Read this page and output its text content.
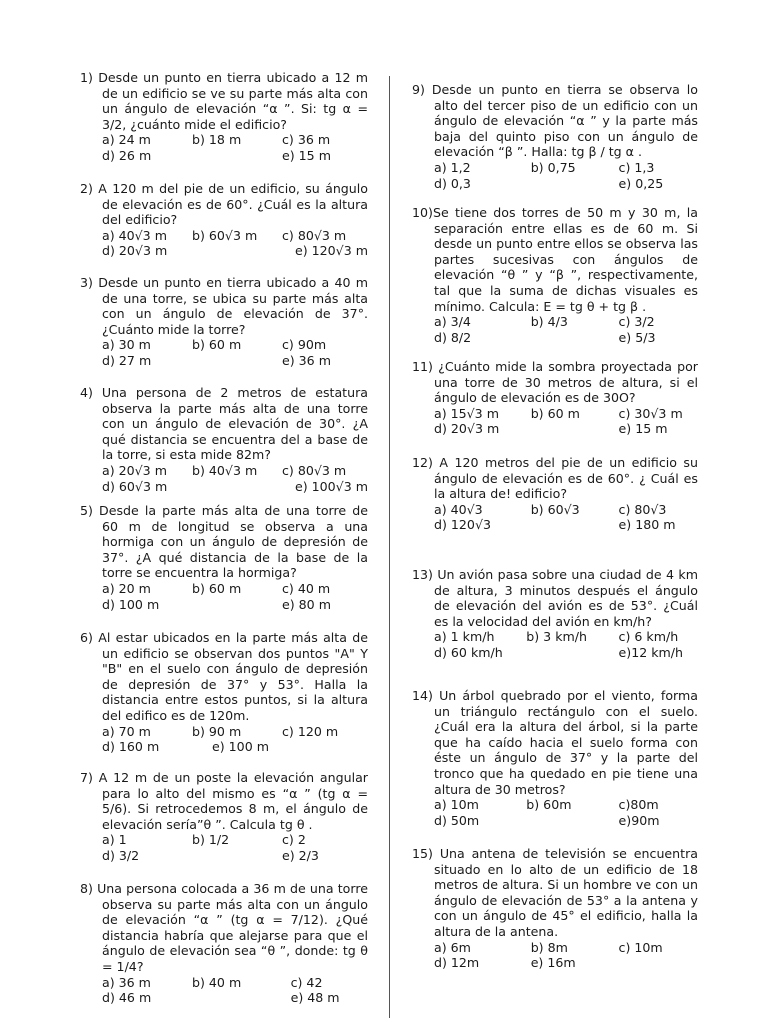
1) Desde un punto en tierra ubicado a 12 m de un edificio se ve su parte más alta con un ángulo de elevación “α ”. Si: tg α = 3/2, ¿cuánto mide el edificio?
a) 24 m	b) 18 m	c) 36 m
d) 26 m	e) 15 m
2) A 120 m del pie de un edificio, su ángulo de elevación es de 60°. ¿Cuál es la altura del edificio?
a) 40√3 m	b) 60√3 m	c) 80√3 m
d) 20√3 m	e) 120√3 m
3) Desde un punto en tierra ubicado a 40 m de una torre, se ubica su parte más alta con un ángulo de elevación de 37°. ¿Cuánto mide la torre?
a) 30 m	b) 60 m	c) 90m
d) 27 m	e) 36 m
4) Una persona de 2 metros de estatura observa la parte más alta de una torre con un ángulo de elevación de 30°. ¿A qué distancia se encuentra del a base de la torre, si esta mide 82m?
a) 20√3 m	b) 40√3 m	c) 80√3 m
d) 60√3 m	e) 100√3 m
5) Desde la parte más alta de una torre de 60 m de longitud se observa a una hormiga con un ángulo de depresión de 37°. ¿A qué distancia de la base de la torre se encuentra la hormiga?
a) 20 m	b) 60 m	c) 40 m
d) 100 m	e) 80 m
6) Al estar ubicados en la parte más alta de un edificio se observan dos puntos "A" Y "B" en el suelo con ángulo de depresión de depresión de 37° y 53°. Halla la distancia entre estos puntos, si la altura del edifico es de 120m.
a) 70 m	b) 90 m	c) 120 m
d) 160 m	e) 100 m
7) A 12 m de un poste la elevación angular para lo alto del mismo es “α ” (tg α = 5/6). Si retrocedemos 8 m, el ángulo de elevación sería”θ ”. Calcula tg θ .
a) 1	b) 1/2	c) 2
d) 3/2	e) 2/3
8) Una persona colocada a 36 m de una torre observa su parte más alta con un ángulo de elevación “α ” (tg α = 7/12). ¿Qué distancia habría que alejarse para que el ángulo de elevación sea “θ ”, donde: tg θ = 1/4?
a) 36 m	b) 40 m	c) 42
d) 46 m	e) 48 m
9) Desde un punto en tierra se observa lo alto del tercer piso de un edificio con un ángulo de elevación “α ” y la parte más baja del quinto piso con un ángulo de elevación “β ”. Halla: tg β / tg α .
a) 1,2	b) 0,75	c) 1,3
d) 0,3	e) 0,25
10)Se tiene dos torres de 50 m y 30 m, la separación entre ellas es de 60 m. Si desde un punto entre ellos se observa las partes sucesivas con ángulos de elevación “θ ” y “β ”, respectivamente, tal que la suma de dichas visuales es mínimo. Calcula: E = tg θ + tg β .
a) 3/4	b) 4/3	c) 3/2
d) 8/2	e) 5/3
11) ¿Cuánto mide la sombra proyectada por una torre de 30 metros de altura, si el ángulo de elevación es de 30O?
a) 15√3 m	b) 60 m	c) 30√3 m
d) 20√3 m	e) 15 m
12) A 120 metros del pie de un edificio su ángulo de elevación es de 60°. ¿ Cuál es la altura de! edificio?
a) 40√3	b) 60√3	c) 80√3
d) 120√3	e) 180 m
13) Un avión pasa sobre una ciudad de 4 km de altura, 3 minutos después el ángulo de elevación del avión es de 53°. ¿Cuál es la velocidad del avión en km/h?
a) 1 km/h	b) 3 km/h	c) 6 km/h
d) 60 km/h	e)12 km/h
14) Un árbol quebrado por el viento, forma un triángulo rectángulo con el suelo. ¿Cuál era la altura del árbol, si la parte que ha caído hacia el suelo forma con éste un ángulo de 37° y la parte del tronco que ha quedado en pie tiene una altura de 30 metros?
a) 10m	b) 60m	c)80m
d) 50m	e)90m
15) Una antena de televisión se encuentra situado en lo alto de un edificio de 18 metros de altura. Si un hombre ve con un ángulo de elevación de 53° a la antena y con un ángulo de 45° el edificio, halla la altura de la antena.
a) 6m	b) 8m	c) 10m
d) 12m	e) 16m
